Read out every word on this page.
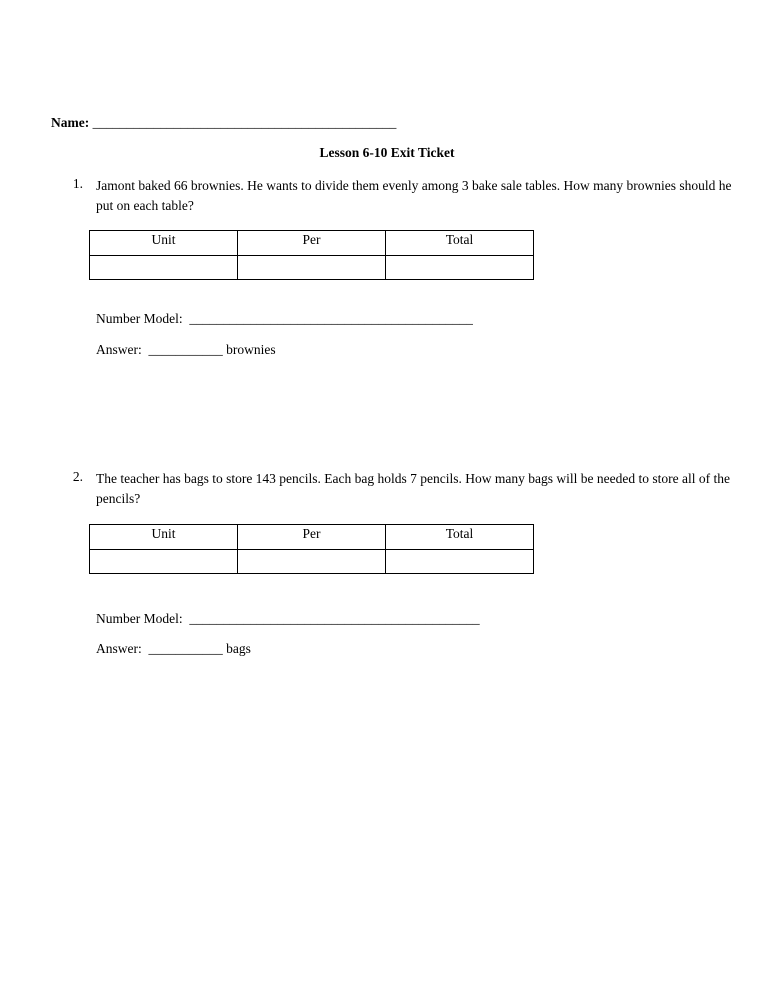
Name: _____________________________________________
Lesson 6-10 Exit Ticket
1. Jamont baked 66 brownies. He wants to divide them evenly among 3 bake sale tables. How many brownies should he put on each table?
Unit	Per	Total

Number Model: __________________________________________
Answer: ___________ brownies
2. The teacher has bags to store 143 pencils. Each bag holds 7 pencils. How many bags will be needed to store all of the pencils?
Unit	Per	Total

Number Model: ___________________________________________
Answer: ___________ bags
